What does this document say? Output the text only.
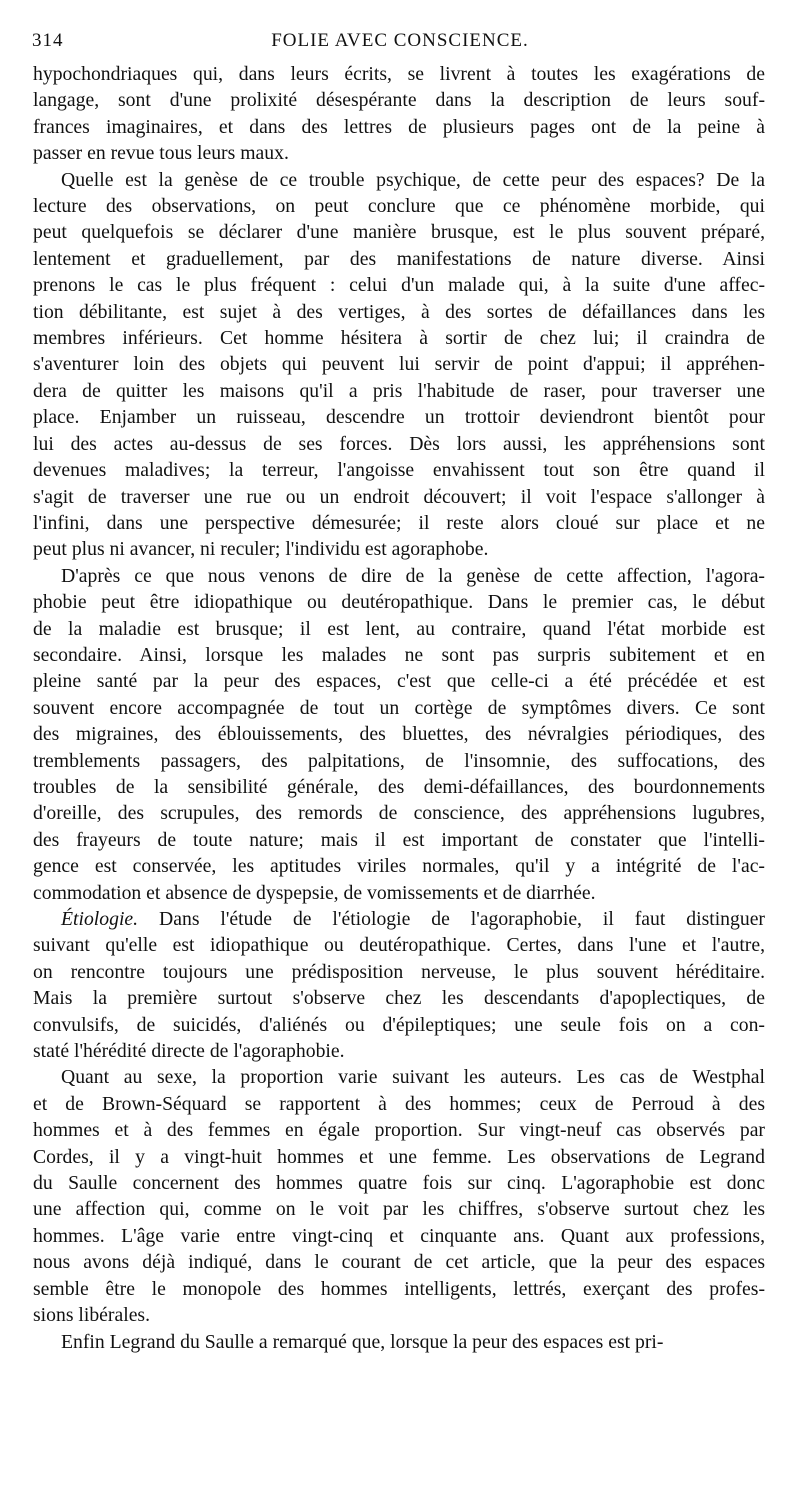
314	FOLIE AVEC CONSCIENCE.
hypochondriaques qui, dans leurs écrits, se livrent à toutes les exagérations de
langage, sont d'une prolixité désespérante dans la description de leurs souf-
frances imaginaires, et dans des lettres de plusieurs pages ont de la peine à
passer en revue tous leurs maux.
Quelle est la genèse de ce trouble psychique, de cette peur des espaces? De la
lecture des observations, on peut conclure que ce phénomène morbide, qui
peut quelquefois se déclarer d'une manière brusque, est le plus souvent préparé,
lentement et graduellement, par des manifestations de nature diverse. Ainsi
prenons le cas le plus fréquent : celui d'un malade qui, à la suite d'une affec-
tion débilitante, est sujet à des vertiges, à des sortes de défaillances dans les
membres inférieurs. Cet homme hésitera à sortir de chez lui; il craindra de
s'aventurer loin des objets qui peuvent lui servir de point d'appui; il appréhen-
dera de quitter les maisons qu'il a pris l'habitude de raser, pour traverser une
place. Enjamber un ruisseau, descendre un trottoir deviendront bientôt pour
lui des actes au-dessus de ses forces. Dès lors aussi, les appréhensions sont
devenues maladives; la terreur, l'angoisse envahissent tout son être quand il
s'agit de traverser une rue ou un endroit découvert; il voit l'espace s'allonger à
l'infini, dans une perspective démesurée; il reste alors cloué sur place et ne
peut plus ni avancer, ni reculer; l'individu est agoraphobe.
D'après ce que nous venons de dire de la genèse de cette affection, l'agora-
phobie peut être idiopathique ou deutéropathique. Dans le premier cas, le début
de la maladie est brusque; il est lent, au contraire, quand l'état morbide est
secondaire. Ainsi, lorsque les malades ne sont pas surpris subitement et en
pleine santé par la peur des espaces, c'est que celle-ci a été précédée et est
souvent encore accompagnée de tout un cortège de symptômes divers. Ce sont
des migraines, des éblouissements, des bluettes, des névralgies périodiques, des
tremblements passagers, des palpitations, de l'insomnie, des suffocations, des
troubles de la sensibilité générale, des demi-défaillances, des bourdonnements
d'oreille, des scrupules, des remords de conscience, des appréhensions lugubres,
des frayeurs de toute nature; mais il est important de constater que l'intelli-
gence est conservée, les aptitudes viriles normales, qu'il y a intégrité de l'ac-
commodation et absence de dyspepsie, de vomissements et de diarrhée.
Étiologie. Dans l'étude de l'étiologie de l'agoraphobie, il faut distinguer
suivant qu'elle est idiopathique ou deutéropathique. Certes, dans l'une et l'autre,
on rencontre toujours une prédisposition nerveuse, le plus souvent héréditaire.
Mais la première surtout s'observe chez les descendants d'apoplectiques, de
convulsifs, de suicidés, d'aliénés ou d'épileptiques; une seule fois on a con-
staté l'hérédité directe de l'agoraphobie.
Quant au sexe, la proportion varie suivant les auteurs. Les cas de Westphal
et de Brown-Séquard se rapportent à des hommes; ceux de Perroud à des
hommes et à des femmes en égale proportion. Sur vingt-neuf cas observés par
Cordes, il y a vingt-huit hommes et une femme. Les observations de Legrand
du Saulle concernent des hommes quatre fois sur cinq. L'agoraphobie est donc
une affection qui, comme on le voit par les chiffres, s'observe surtout chez les
hommes. L'âge varie entre vingt-cinq et cinquante ans. Quant aux professions,
nous avons déjà indiqué, dans le courant de cet article, que la peur des espaces
semble être le monopole des hommes intelligents, lettrés, exerçant des profes-
sions libérales.
Enfin Legrand du Saulle a remarqué que, lorsque la peur des espaces est pri-
